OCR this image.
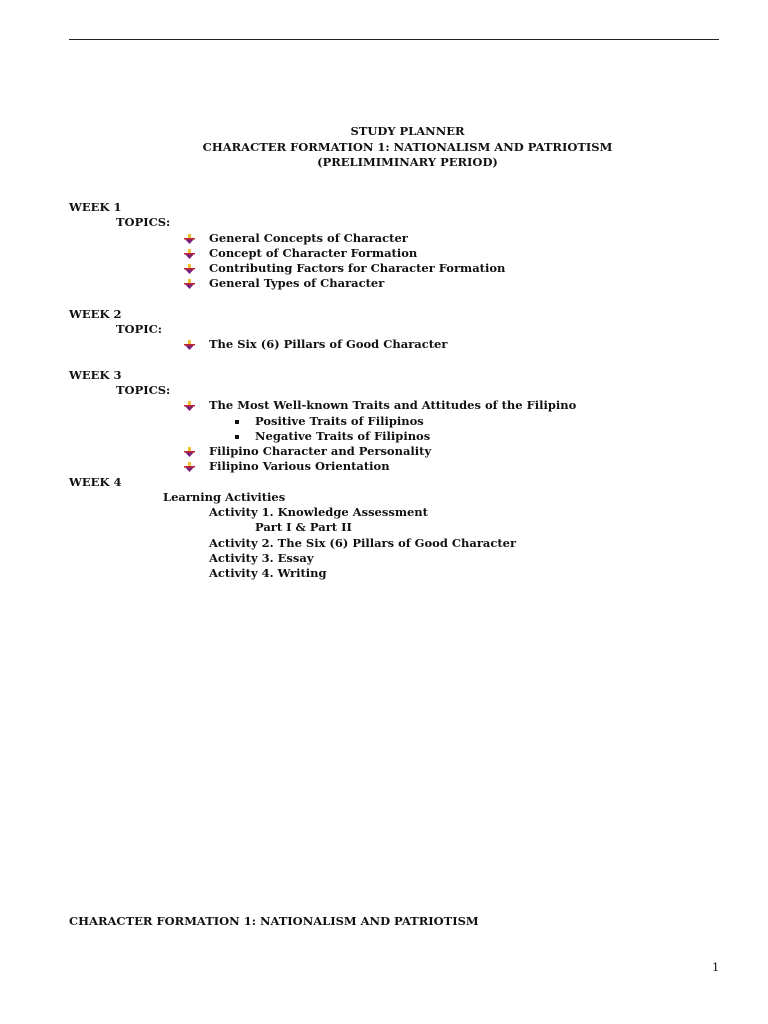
STUDY PLANNER
CHARACTER FORMATION 1: NATIONALISM AND PATRIOTISM
(PRELIMIMINARY PERIOD)
WEEK 1
TOPICS:
General Concepts of Character
Concept of Character Formation
Contributing Factors for Character Formation
General Types of Character
WEEK 2
TOPIC:
The Six (6) Pillars of Good Character
WEEK 3
TOPICS:
The Most Well-known Traits and Attitudes of the Filipino
Positive Traits of Filipinos
Negative Traits of Filipinos
Filipino Character and Personality
Filipino Various Orientation
WEEK 4
Learning Activities
Activity 1. Knowledge Assessment
Part I & Part II
Activity 2. The Six (6) Pillars of Good Character
Activity 3. Essay
Activity 4. Writing
CHARACTER FORMATION 1: NATIONALISM AND PATRIOTISM
1
